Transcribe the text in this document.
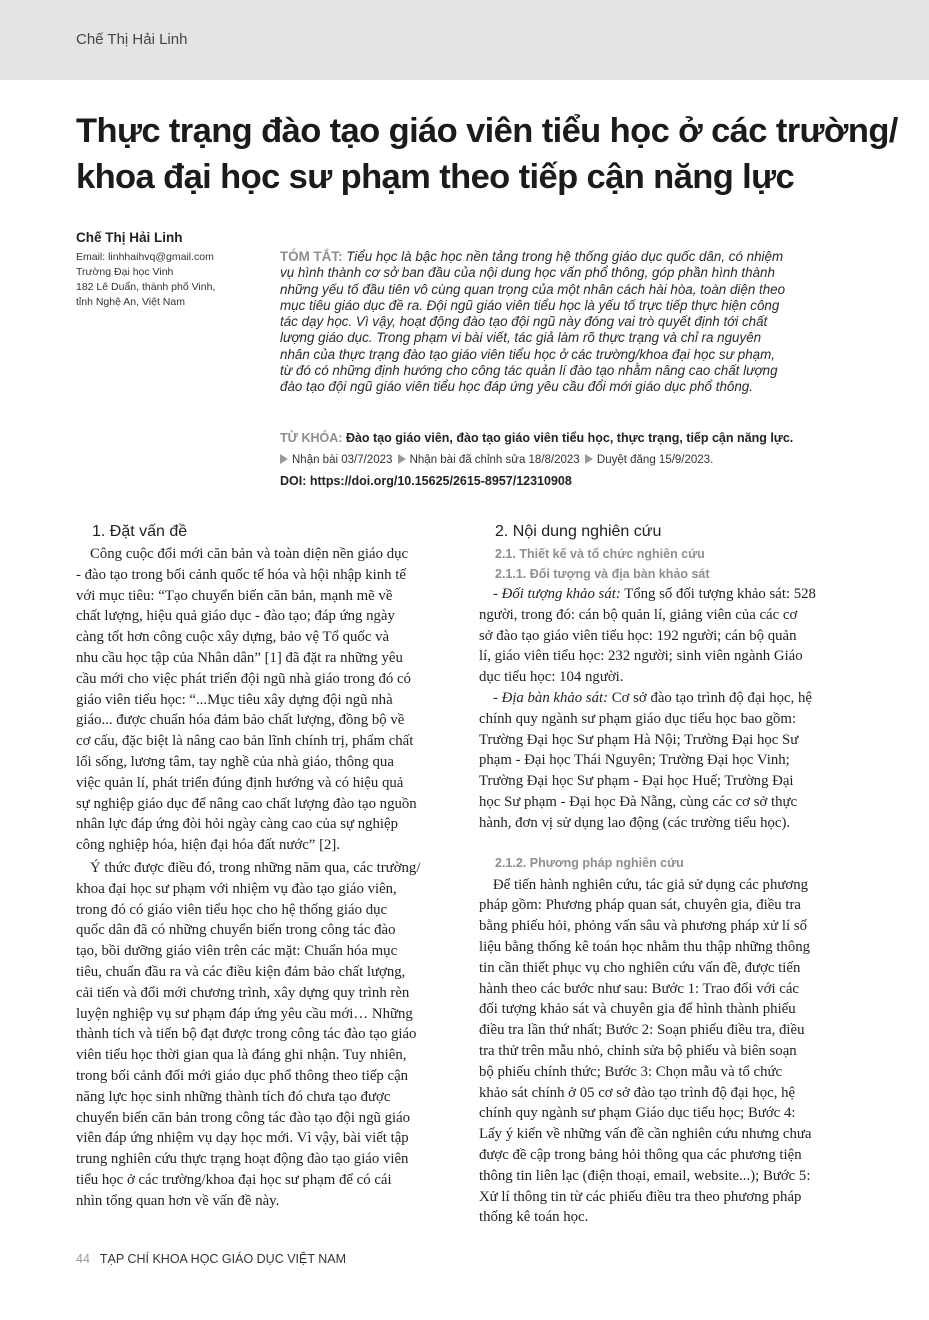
Chế Thị Hải Linh
Thực trạng đào tạo giáo viên tiểu học ở các trường/
khoa đại học sư phạm theo tiếp cận năng lực
Chế Thị Hải Linh
Email: linhhaihvq@gmail.com
Trường Đại học Vinh
182 Lê Duẩn, thành phố Vinh,
tỉnh Nghệ An, Việt Nam
TÓM TẮT: Tiểu học là bậc học nền tảng trong hệ thống giáo dục quốc dân, có nhiệm
vụ hình thành cơ sở ban đầu của nội dung học vấn phổ thông, góp phần hình thành
những yếu tố đầu tiên vô cùng quan trọng của một nhân cách hài hòa, toàn diện theo
mục tiêu giáo dục đề ra. Đội ngũ giáo viên tiểu học là yếu tố trực tiếp thực hiện công
tác dạy học. Vì vậy, hoạt động đào tạo đội ngũ này đóng vai trò quyết định tới chất
lượng giáo dục. Trong phạm vi bài viết, tác giả làm rõ thực trạng và chỉ ra nguyên
nhân của thực trạng đào tạo giáo viên tiểu học ở các trường/khoa đại học sư phạm,
từ đó có những định hướng cho công tác quản lí đào tạo nhằm nâng cao chất lượng
đào tạo đội ngũ giáo viên tiểu học đáp ứng yêu cầu đổi mới giáo dục phổ thông.
TỪ KHÓA: Đào tạo giáo viên, đào tạo giáo viên tiểu học, thực trạng, tiếp cận năng lực.
Nhận bài 03/7/2023 Nhận bài đã chỉnh sửa 18/8/2023 Duyệt đăng 15/9/2023.
DOI: https://doi.org/10.15625/2615-8957/12310908
1. Đặt vấn đề
Công cuộc đổi mới căn bản và toàn diện nền giáo dục
- đào tạo trong bối cảnh quốc tế hóa và hội nhập kinh tế
với mục tiêu: “Tạo chuyển biến căn bản, mạnh mẽ về
chất lượng, hiệu quả giáo dục - đào tạo; đáp ứng ngày
càng tốt hơn công cuộc xây dựng, bảo vệ Tổ quốc và
nhu cầu học tập của Nhân dân” [1] đã đặt ra những yêu
cầu mới cho việc phát triển đội ngũ nhà giáo trong đó có
giáo viên tiểu học: “...Mục tiêu xây dựng đội ngũ nhà
giáo... được chuẩn hóa đảm bảo chất lượng, đồng bộ về
cơ cấu, đặc biệt là nâng cao bản lĩnh chính trị, phẩm chất
lối sống, lương tâm, tay nghề của nhà giáo, thông qua
việc quản lí, phát triển đúng định hướng và có hiệu quả
sự nghiệp giáo dục để nâng cao chất lượng đào tạo nguồn
nhân lực đáp ứng đòi hỏi ngày càng cao của sự nghiệp
công nghiệp hóa, hiện đại hóa đất nước” [2].
Ý thức được điều đó, trong những năm qua, các trường/
khoa đại học sư phạm với nhiệm vụ đào tạo giáo viên,
trong đó có giáo viên tiểu học cho hệ thống giáo dục
quốc dân đã có những chuyển biến trong công tác đào
tạo, bồi dưỡng giáo viên trên các mặt: Chuẩn hóa mục
tiêu, chuẩn đầu ra và các điều kiện đảm bảo chất lượng,
cải tiến và đổi mới chương trình, xây dựng quy trình rèn
luyện nghiệp vụ sư phạm đáp ứng yêu cầu mới… Những
thành tích và tiến bộ đạt được trong công tác đào tạo giáo
viên tiểu học thời gian qua là đáng ghi nhận. Tuy nhiên,
trong bối cảnh đổi mới giáo dục phổ thông theo tiếp cận
năng lực học sinh những thành tích đó chưa tạo được
chuyển biến căn bản trong công tác đào tạo đội ngũ giáo
viên đáp ứng nhiệm vụ dạy học mới. Vì vậy, bài viết tập
trung nghiên cứu thực trạng hoạt động đào tạo giáo viên
tiểu học ở các trường/khoa đại học sư phạm để có cái
nhìn tổng quan hơn về vấn đề này.
2. Nội dung nghiên cứu
2.1. Thiết kế và tổ chức nghiên cứu
2.1.1. Đối tượng và địa bàn khảo sát
- Đối tượng khảo sát: Tổng số đối tượng khảo sát: 528
người, trong đó: cán bộ quản lí, giảng viên của các cơ
sở đào tạo giáo viên tiểu học: 192 người; cán bộ quản
lí, giáo viên tiểu học: 232 người; sinh viên ngành Giáo
dục tiểu học: 104 người.
- Địa bàn khảo sát: Cơ sở đào tạo trình độ đại học, hệ
chính quy ngành sư phạm giáo dục tiểu học bao gồm:
Trường Đại học Sư phạm Hà Nội; Trường Đại học Sư
phạm - Đại học Thái Nguyên; Trường Đại học Vinh;
Trường Đại học Sư phạm - Đại học Huế; Trường Đại
học Sư phạm - Đại học Đà Nẵng, cùng các cơ sở thực
hành, đơn vị sử dụng lao động (các trường tiểu học).
2.1.2. Phương pháp nghiên cứu
Để tiến hành nghiên cứu, tác giả sử dụng các phương
pháp gồm: Phương pháp quan sát, chuyên gia, điều tra
bằng phiếu hỏi, phỏng vấn sâu và phương pháp xử lí số
liệu bằng thống kê toán học nhằm thu thập những thông
tin cần thiết phục vụ cho nghiên cứu vấn đề, được tiến
hành theo các bước như sau: Bước 1: Trao đổi với các
đối tượng khảo sát và chuyên gia để hình thành phiếu
điều tra lần thứ nhất; Bước 2: Soạn phiếu điều tra, điều
tra thử trên mẫu nhỏ, chỉnh sửa bộ phiếu và biên soạn
bộ phiếu chính thức; Bước 3: Chọn mẫu và tổ chức
khảo sát chính ở 05 cơ sở đào tạo trình độ đại học, hệ
chính quy ngành sư phạm Giáo dục tiểu học; Bước 4:
Lấy ý kiến về những vấn đề cần nghiên cứu nhưng chưa
được đề cập trong bảng hỏi thông qua các phương tiện
thông tin liên lạc (điện thoại, email, website...); Bước 5:
Xử lí thông tin từ các phiếu điều tra theo phương pháp
thống kê toán học.
44 TẠP CHÍ KHOA HỌC GIÁO DỤC VIỆT NAM
